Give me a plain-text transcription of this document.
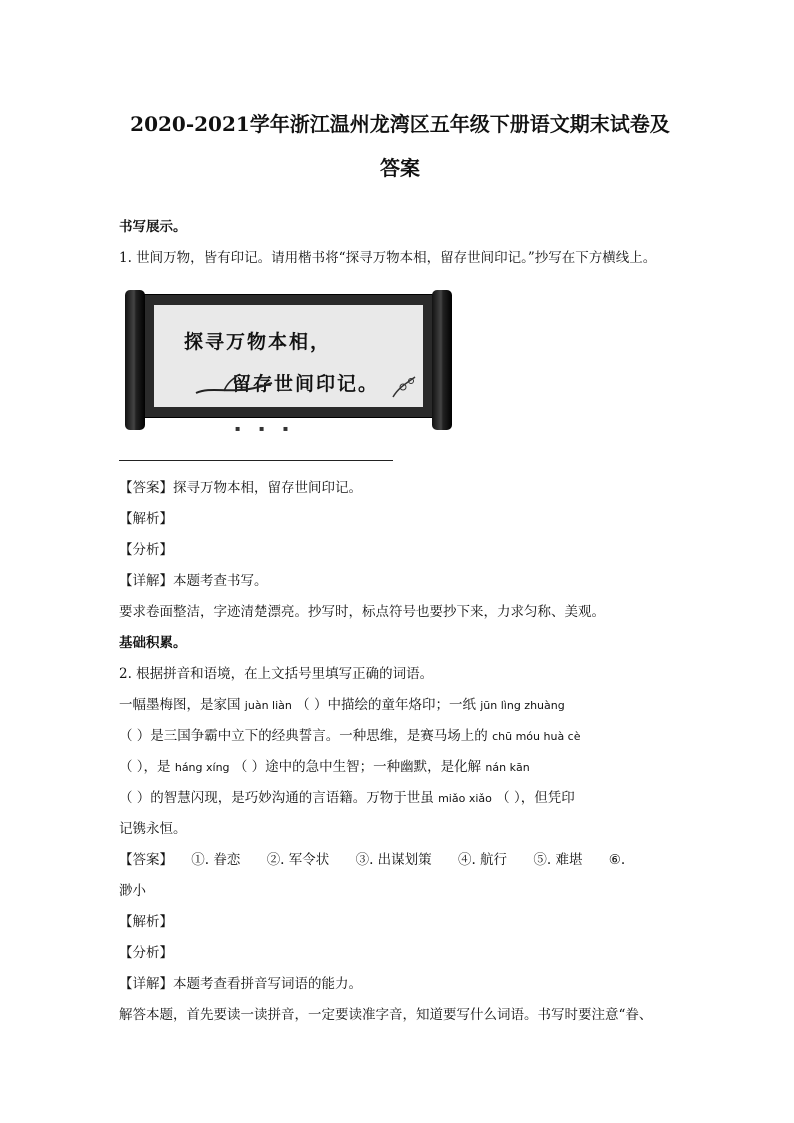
2020-2021学年浙江温州龙湾区五年级下册语文期末试卷及
答案

书写展示。

1. 世间万物，皆有印记。请用楷书将“探寻万物本相，留存世间印记。”抄写在下方横线上。

探寻万物本相，
留存世间印记。
▪ ▪ ▪

【答案】探寻万物本相，留存世间印记。

【解析】

【分析】

【详解】本题考查书写。

要求卷面整洁，字迹清楚漂亮。抄写时，标点符号也要抄下来，力求匀称、美观。

基础积累。

2. 根据拼音和语境，在上文括号里填写正确的词语。

一幅墨梅图，是家国 juàn liàn （ ）中描绘的童年烙印；一纸 jūn lìng zhuàng

（ ）是三国争霸中立下的经典誓言。一种思维，是赛马场上的 chū móu huà cè

（ ），是 háng xíng （ ）途中的急中生智；一种幽默，是化解 nán kān

（ ）的智慧闪现，是巧妙沟通的言语籍。万物于世虽 miǎo xiǎo （ ），但凭印

记镌永恒。

【答案】 ①. 眷恋 ②. 军令状 ③. 出谋划策 ④. 航行 ⑤. 难堪 ⑥.

渺小

【解析】

【分析】

【详解】本题考查看拼音写词语的能力。

解答本题，首先要读一读拼音，一定要读准字音，知道要写什么词语。书写时要注意“眷、
